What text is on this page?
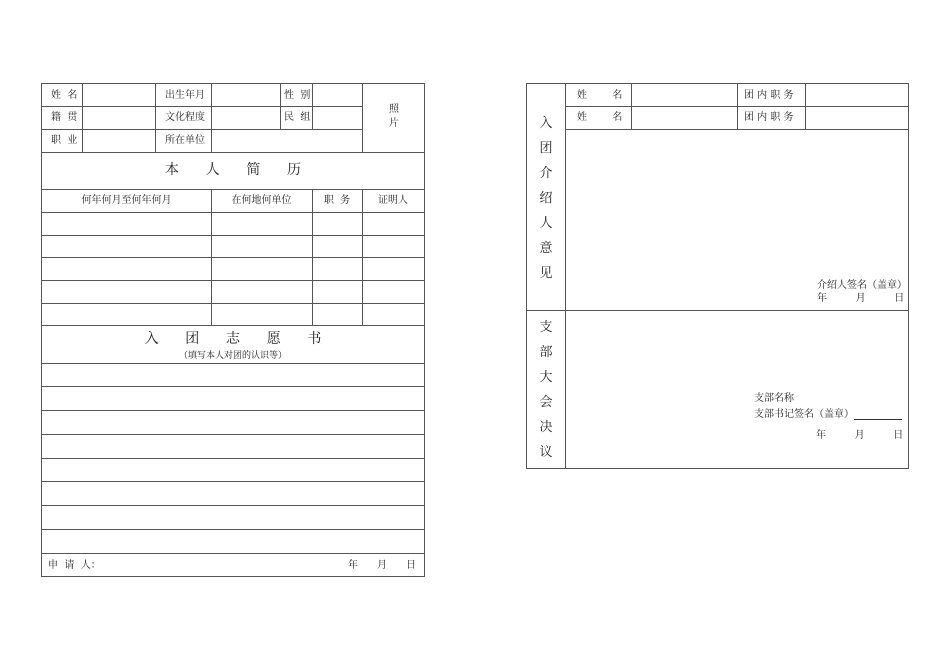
姓  名	出生年月	性  别
籍  贯	文化程度	民  组
职  业	所在单位
照
片
本      人      简      历
何年何月至何年何月	在何地何单位	职  务	证明人
入      团      志      愿      书
（填写本人对团的认识等）
申  请  人：	年 月 日
姓        名	团 内 职 务
姓        名	团 内 职 务
介绍人签名（盖章）
年         月         日
入
团
介
绍
人
意
见
支
部
大
会
决
议
支部名称
支部书记签名（盖章）
年         月         日
